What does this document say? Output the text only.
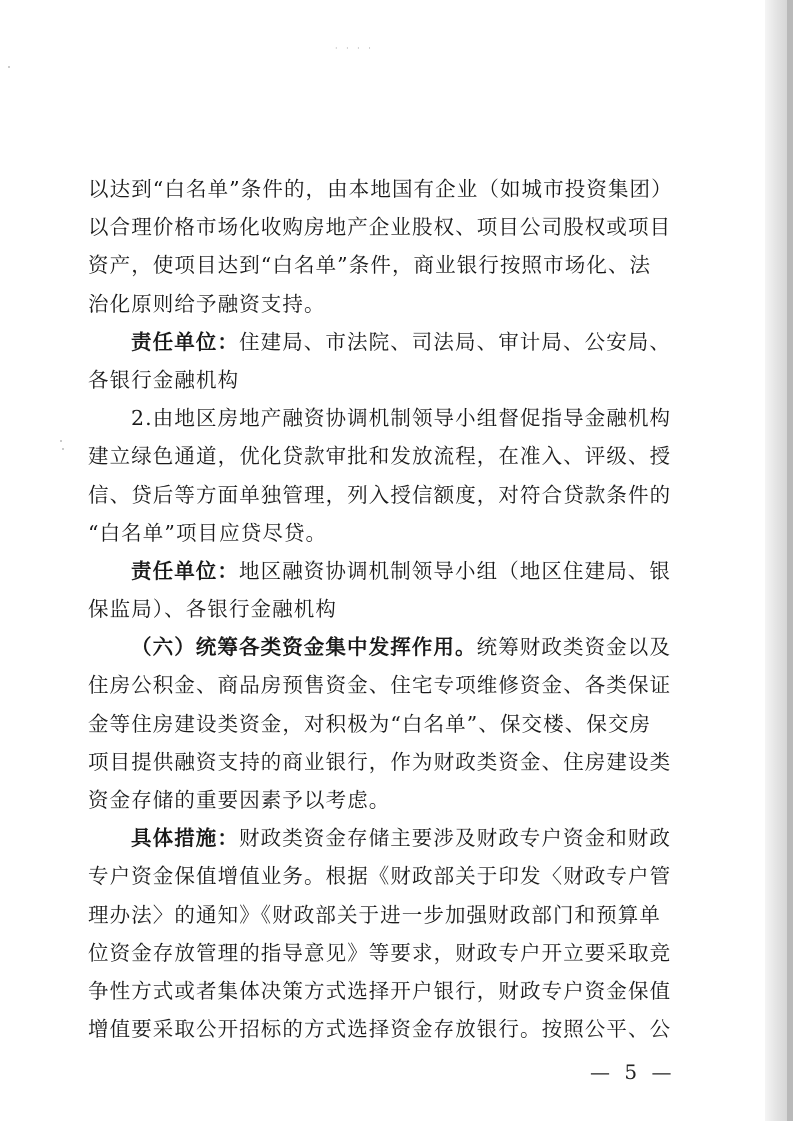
· · · ·
以达到“白名单”条件的，由本地国有企业（如城市投资集团）
以合理价格市场化收购房地产企业股权、项目公司股权或项目
资产，使项目达到“白名单”条件，商业银行按照市场化、法
治化原则给予融资支持。
责任单位：住建局、市法院、司法局、审计局、公安局、
各银行金融机构
2.由地区房地产融资协调机制领导小组督促指导金融机构
建立绿色通道，优化贷款审批和发放流程，在准入、评级、授
信、贷后等方面单独管理，列入授信额度，对符合贷款条件的
“白名单”项目应贷尽贷。
责任单位：地区融资协调机制领导小组（地区住建局、银
保监局）、各银行金融机构
（六）统筹各类资金集中发挥作用。统筹财政类资金以及
住房公积金、商品房预售资金、住宅专项维修资金、各类保证
金等住房建设类资金，对积极为“白名单”、保交楼、保交房
项目提供融资支持的商业银行，作为财政类资金、住房建设类
资金存储的重要因素予以考虑。
具体措施：财政类资金存储主要涉及财政专户资金和财政
专户资金保值增值业务。根据《财政部关于印发〈财政专户管
理办法〉的通知》《财政部关于进一步加强财政部门和预算单
位资金存放管理的指导意见》等要求，财政专户开立要采取竞
争性方式或者集体决策方式选择开户银行，财政专户资金保值
增值要采取公开招标的方式选择资金存放银行。按照公平、公
— 5 —
